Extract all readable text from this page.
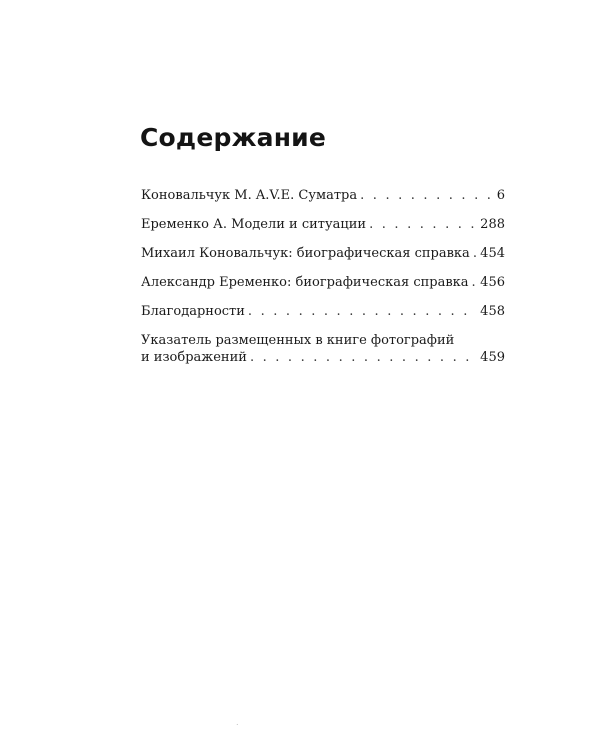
Содержание
Коновальчук М. A.V.E. Суматра . . .	6
Еременко А. Модели и ситуации . . .	288
Михаил Коновальчук: биографическая справка . . . 454
Александр Еременко: биографическая справка . . . 456
Благодарности . . .	458
Указатель размещенных в книге фотографий
и изображений . . .	459
.
